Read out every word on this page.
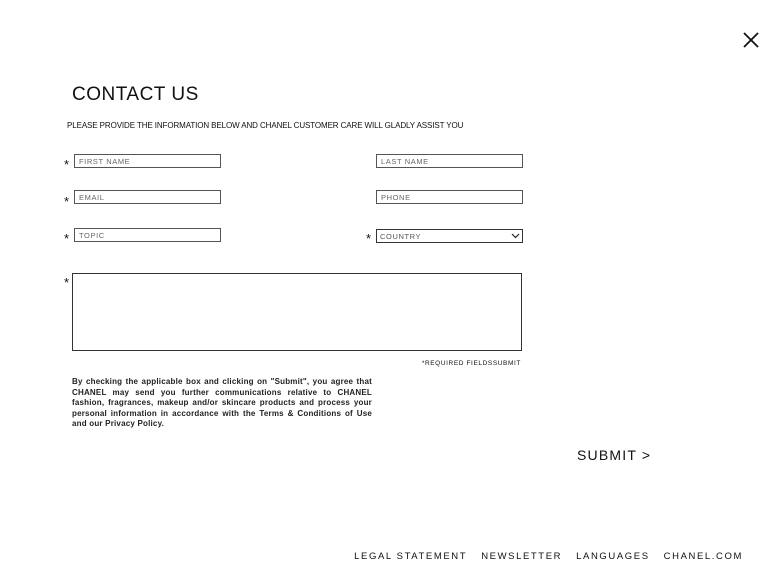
CONTACT US
PLEASE PROVIDE THE INFORMATION BELOW AND CHANEL CUSTOMER CARE WILL GLADLY ASSIST YOU
*
FIRST NAME
LAST NAME
*
EMAIL
PHONE
*
TOPIC	*	COUNTRY
*
*REQUIRED FIELDSSUBMIT

By checking the applicable box and clicking on "Submit", you agree that CHANEL may send you further communications relative to CHANEL fashion, fragrances, makeup and/or skincare products and process your personal information in accordance with the Terms & Conditions of Use and our Privacy Policy.

SUBMIT >
LEGAL STATEMENT NEWSLETTER LANGUAGES CHANEL.COM
